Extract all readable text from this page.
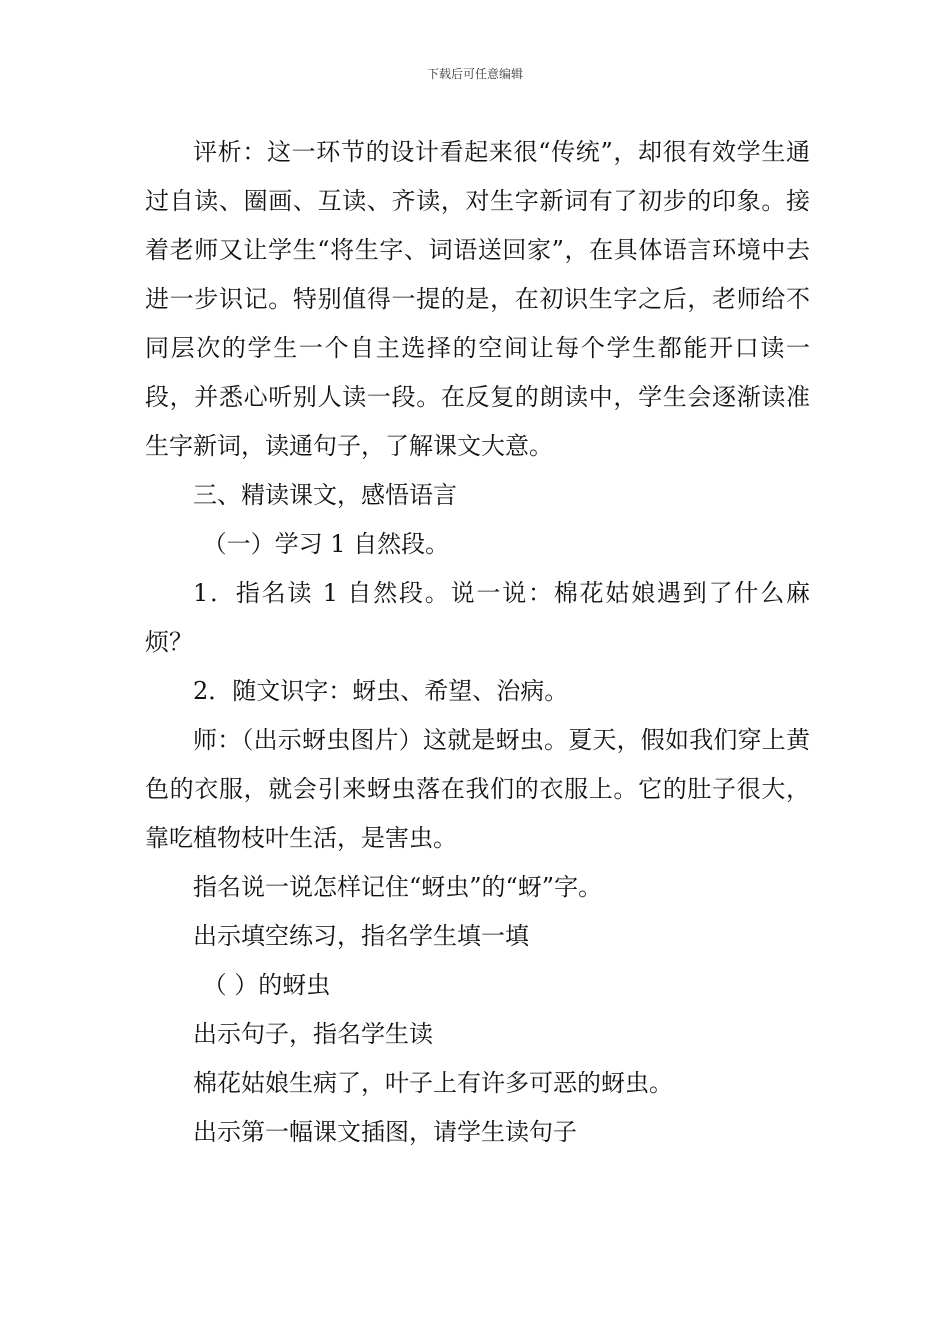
下载后可任意编辑

评析：这一环节的设计看起来很“传统”，却很有效学生通过自读、圈画、互读、齐读，对生字新词有了初步的印象。接着老师又让学生“将生字、词语送回家”，在具体语言环境中去进一步识记。特别值得一提的是，在初识生字之后，老师给不同层次的学生一个自主选择的空间让每个学生都能开口读一段，并悉心听别人读一段。在反复的朗读中，学生会逐渐读准生字新词，读通句子，了解课文大意。

三、精读课文，感悟语言

（一）学习 1 自然段。

1．指名读 1 自然段。说一说：棉花姑娘遇到了什么麻烦？

2．随文识字：蚜虫、希望、治病。

师：（出示蚜虫图片）这就是蚜虫。夏天，假如我们穿上黄色的衣服，就会引来蚜虫落在我们的衣服上。它的肚子很大，靠吃植物枝叶生活，是害虫。

指名说一说怎样记住“蚜虫”的“蚜”字。

出示填空练习，指名学生填一填

（ ）的蚜虫

出示句子，指名学生读

棉花姑娘生病了，叶子上有许多可恶的蚜虫。

出示第一幅课文插图，请学生读句子
